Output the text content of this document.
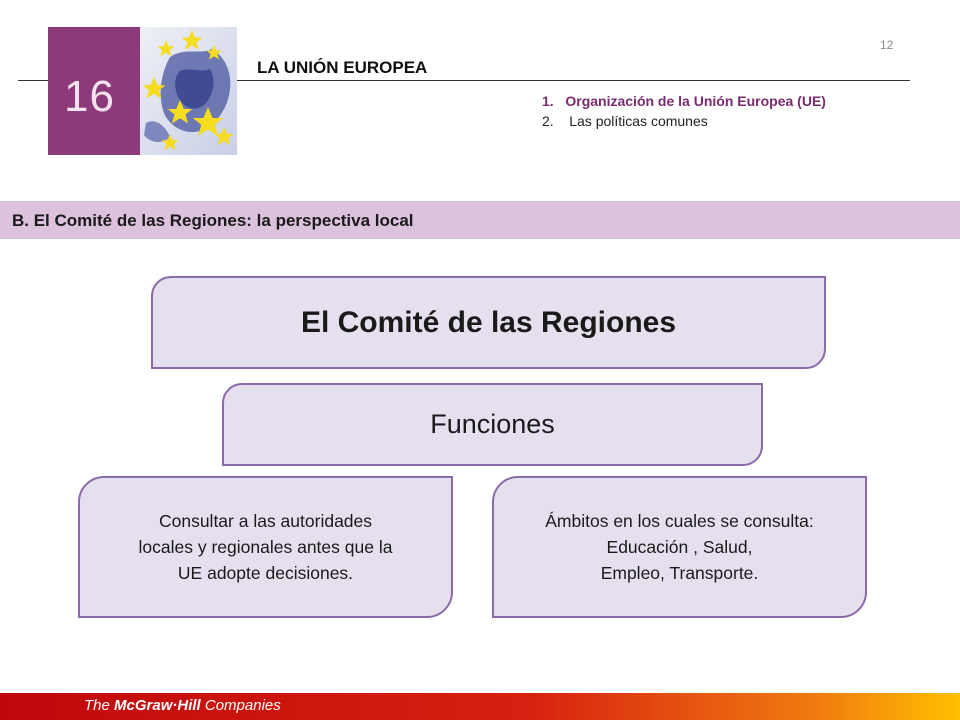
16
12
LA UNIÓN EUROPEA
1.   Organización de la Unión Europea (UE)
2.    Las políticas comunes
B. El Comité de las Regiones: la perspectiva local
El Comité de las Regiones
Funciones
Consultar a las autoridades
locales y regionales antes que la
UE adopte decisiones.
Ámbitos en los cuales se consulta:
Educación , Salud,
Empleo, Transporte.
The McGraw·Hill Companies
